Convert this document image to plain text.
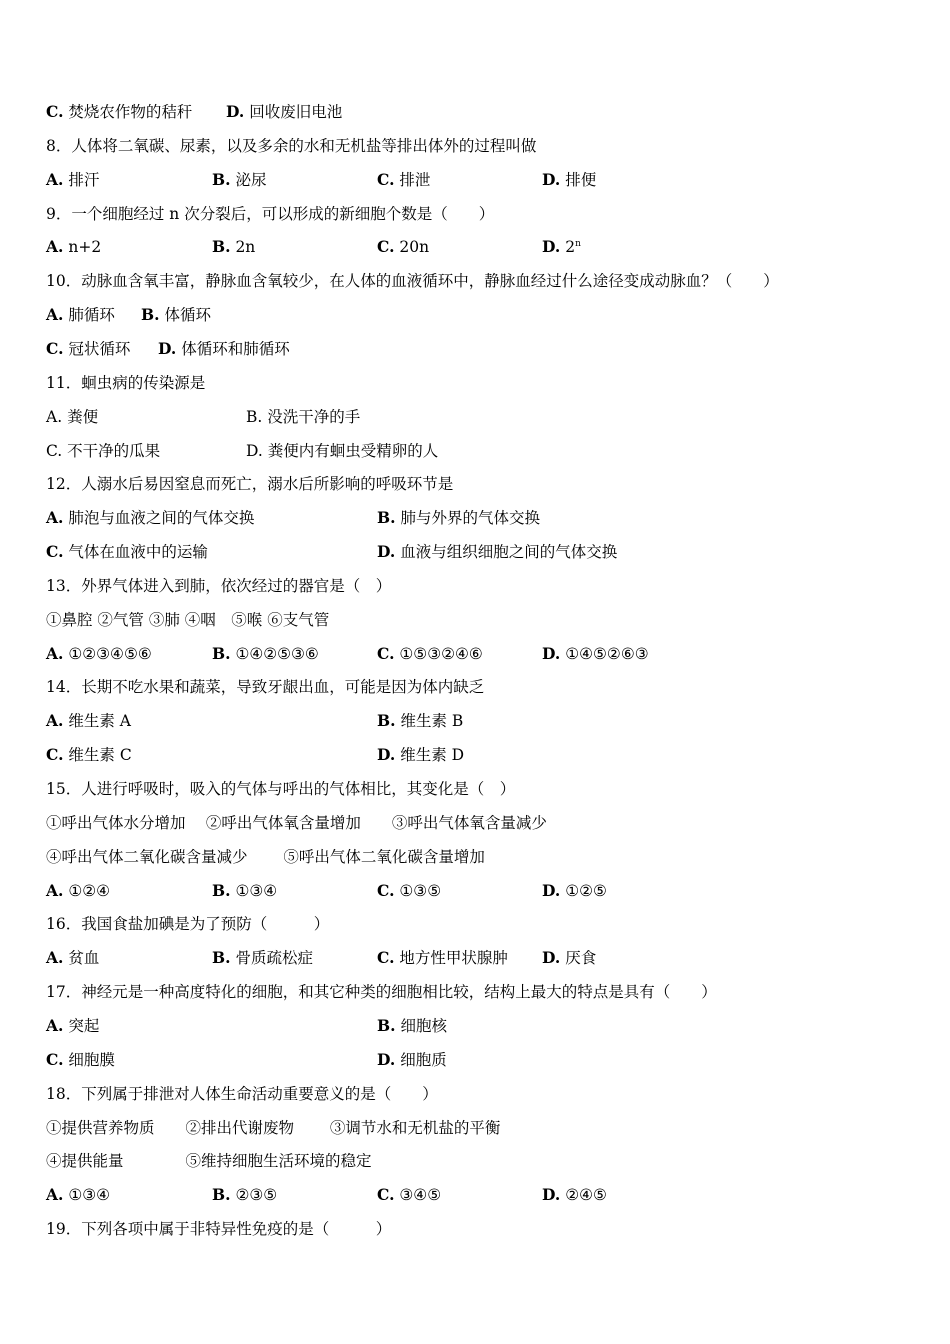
C. 焚烧农作物的秸秆 D. 回收废旧电池
8．人体将二氧碳、尿素，以及多余的水和无机盐等排出体外的过程叫做
A. 排汗	B. 泌尿	C. 排泄	D. 排便
9．一个细胞经过 n 次分裂后，可以形成的新细胞个数是（　　）
A. n+2	B. 2n	C. 20n	D. 2$^n$
10．动脉血含氧丰富，静脉血含氧较少，在人体的血液循环中，静脉血经过什么途径变成动脉血？（　　）
A. 肺循环 B. 体循环
C. 冠状循环 D. 体循环和肺循环
11．蛔虫病的传染源是
A. 粪便	B. 没洗干净的手
C. 不干净的瓜果	D. 粪便内有蛔虫受精卵的人
12．人溺水后易因窒息而死亡，溺水后所影响的呼吸环节是
A. 肺泡与血液之间的气体交换	B. 肺与外界的气体交换
C. 气体在血液中的运输	D. 血液与组织细胞之间的气体交换
13．外界气体进入到肺，依次经过的器官是（　）
①鼻腔 ②气管 ③肺 ④咽　⑤喉 ⑥支气管
A. ①②③④⑤⑥	B. ①④②⑤③⑥	C. ①⑤③②④⑥	D. ①④⑤②⑥③
14．长期不吃水果和蔬菜，导致牙龈出血，可能是因为体内缺乏
A. 维生素 A	B. 维生素 B
C. 维生素 C	D. 维生素 D
15．人进行呼吸时，吸入的气体与呼出的气体相比，其变化是（　）
①呼出气体水分增加　 ②呼出气体氧含量增加　　③呼出气体氧含量减少
④呼出气体二氧化碳含量减少　　 ⑤呼出气体二氧化碳含量增加
A. ①②④	B. ①③④	C. ①③⑤	D. ①②⑤
16．我国食盐加碘是为了预防（　　　）
A. 贫血	B. 骨质疏松症	C. 地方性甲状腺肿 D. 厌食
17．神经元是一种高度特化的细胞，和其它种类的细胞相比较，结构上最大的特点是具有（　　）
A. 突起	B. 细胞核
C. 细胞膜	D. 细胞质
18．下列属于排泄对人体生命活动重要意义的是（　　）
①提供营养物质　　②排出代谢废物　　 ③调节水和无机盐的平衡
④提供能量　　　　⑤维持细胞生活环境的稳定
A. ①③④	B. ②③⑤	C. ③④⑤	D. ②④⑤
19．下列各项中属于非特异性免疫的是（　　　）
